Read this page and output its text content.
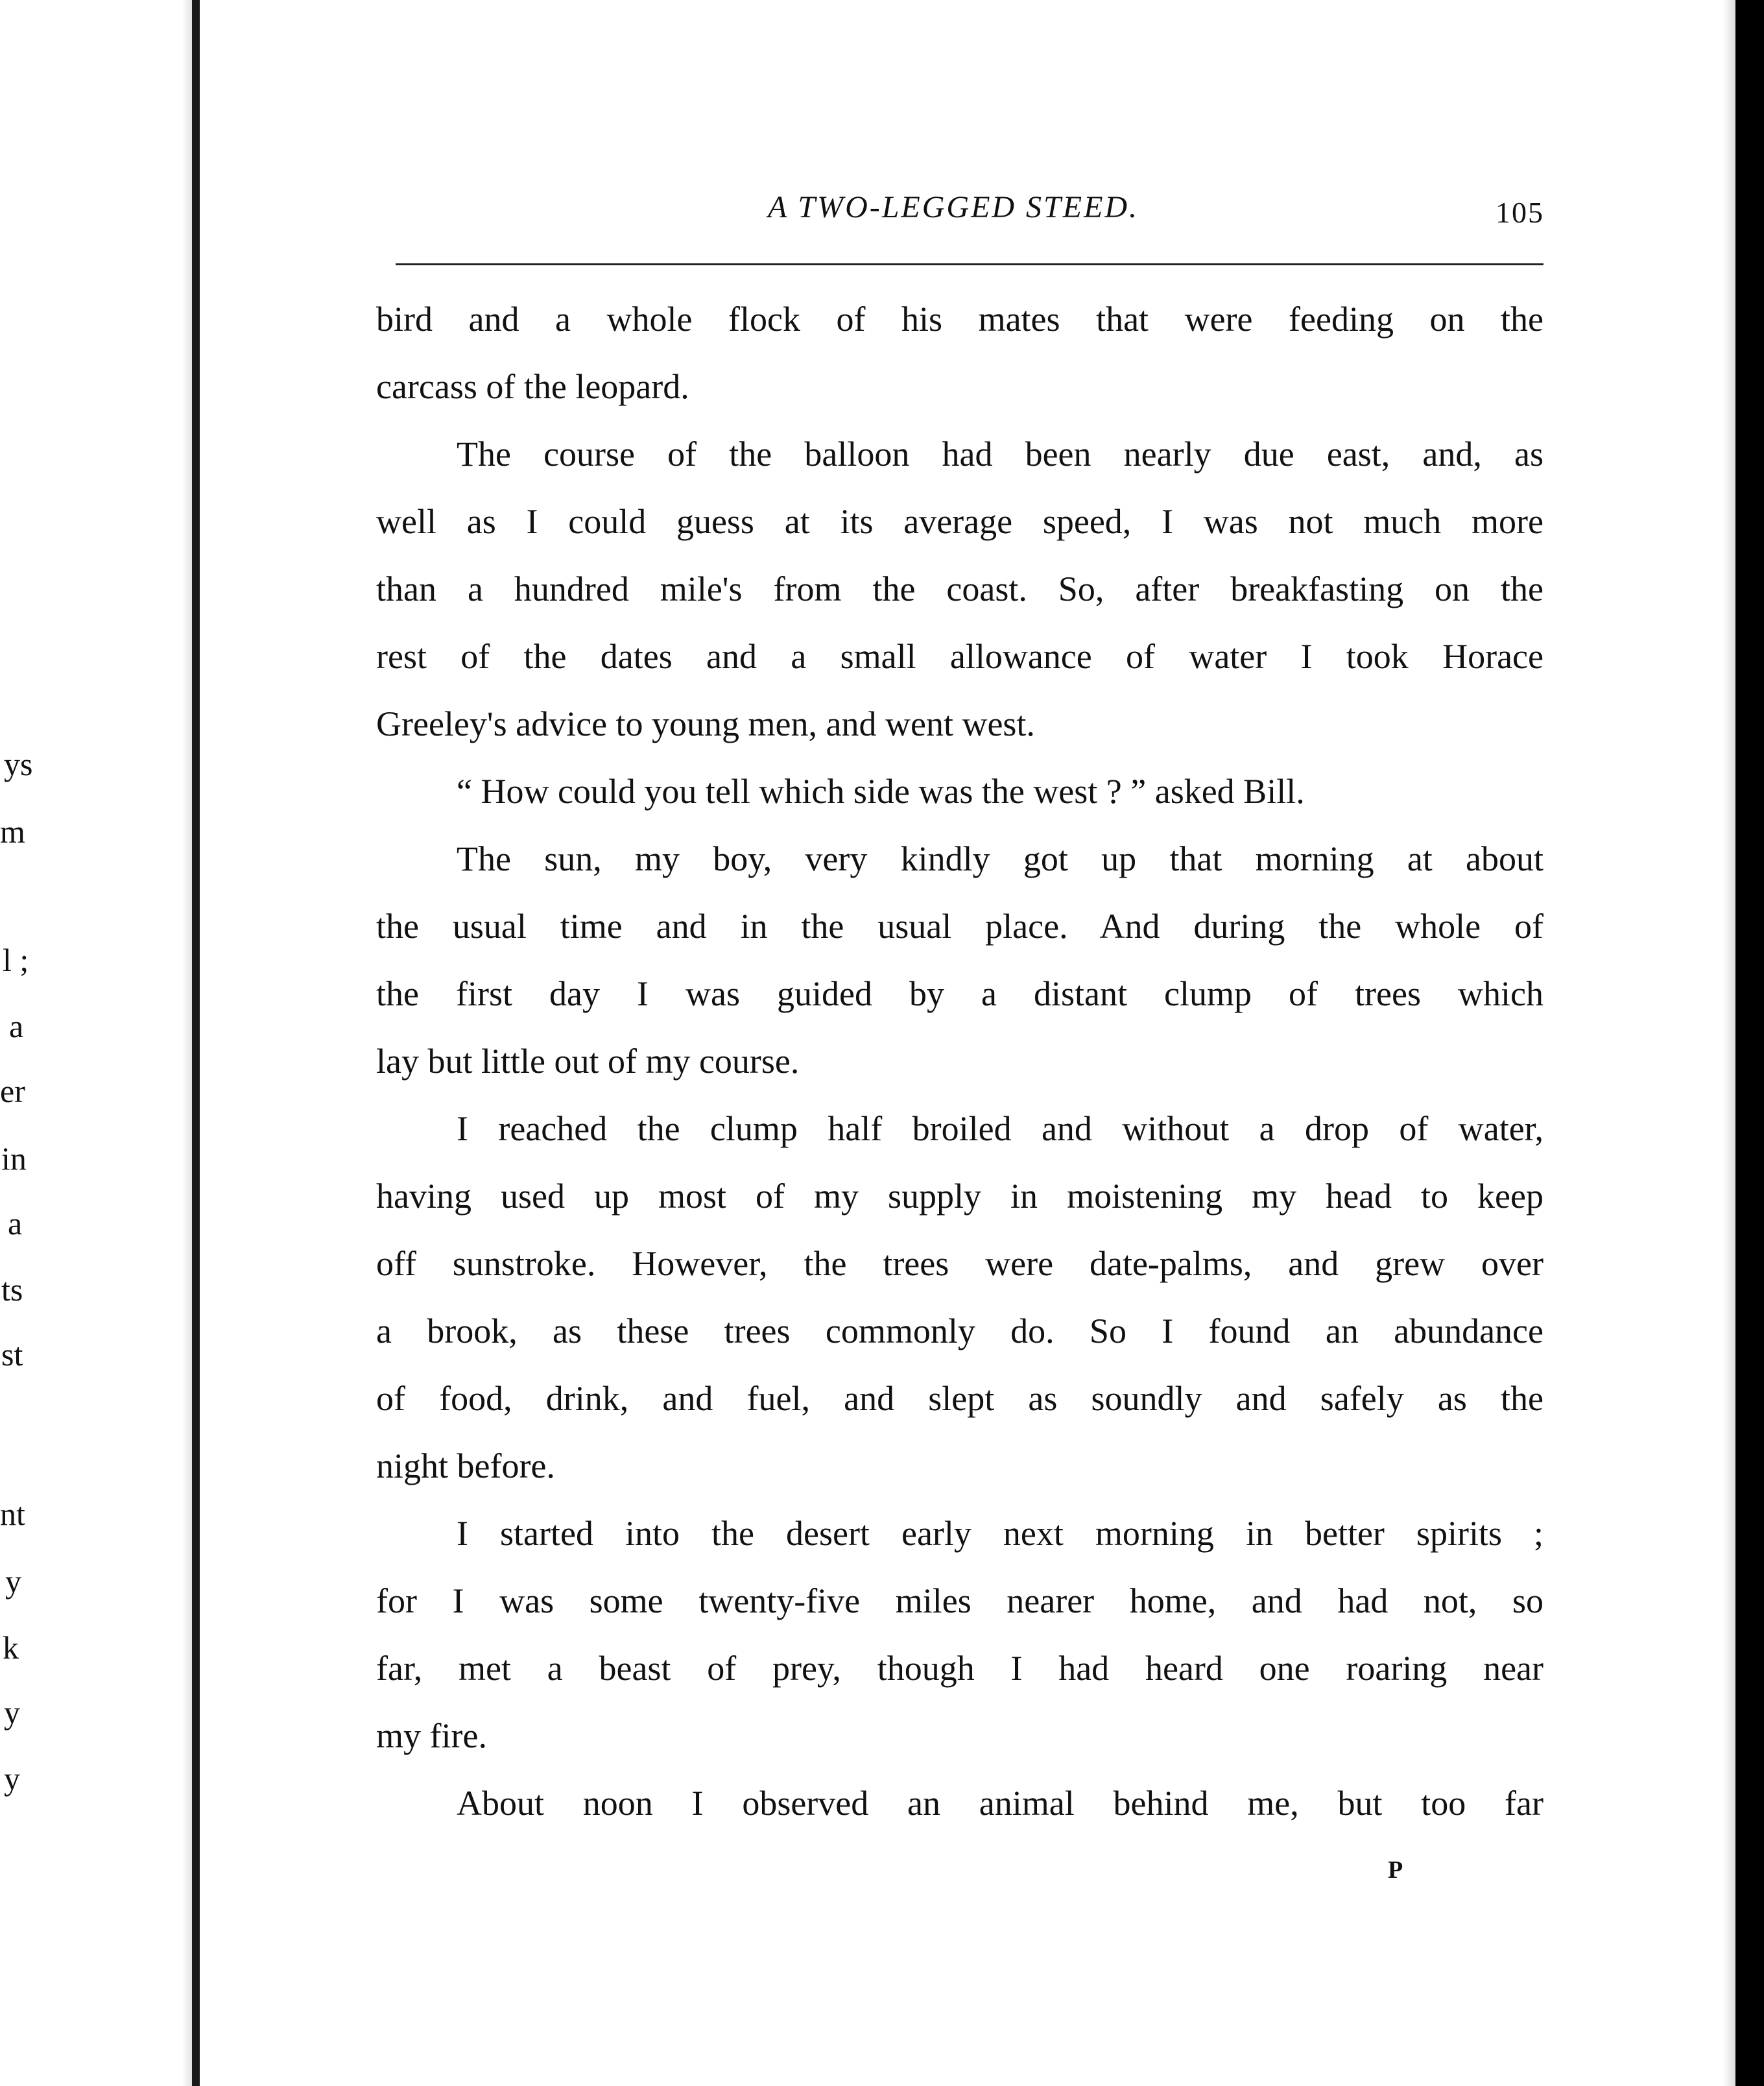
ys
m
l ;
a
er
in
a
ts
st
nt
y
k
y
y
A TWO-LEGGED STEED.	105
bird and a whole flock of his mates that were feeding on the
carcass of the leopard.
The course of the balloon had been nearly due east, and, as
well as I could guess at its average speed, I was not much more
than a hundred mile's from the coast. So, after breakfasting on the
rest of the dates and a small allowance of water I took Horace
Greeley's advice to young men, and went west.
“ How could you tell which side was the west ? ” asked Bill.
The sun, my boy, very kindly got up that morning at about
the usual time and in the usual place. And during the whole of
the first day I was guided by a distant clump of trees which
lay but little out of my course.
I reached the clump half broiled and without a drop of water,
having used up most of my supply in moistening my head to keep
off sunstroke. However, the trees were date-palms, and grew over
a brook, as these trees commonly do. So I found an abundance
of food, drink, and fuel, and slept as soundly and safely as the
night before.
I started into the desert early next morning in better spirits ;
for I was some twenty-five miles nearer home, and had not, so
far, met a beast of prey, though I had heard one roaring near
my fire.
About noon I observed an animal behind me, but too far
P
